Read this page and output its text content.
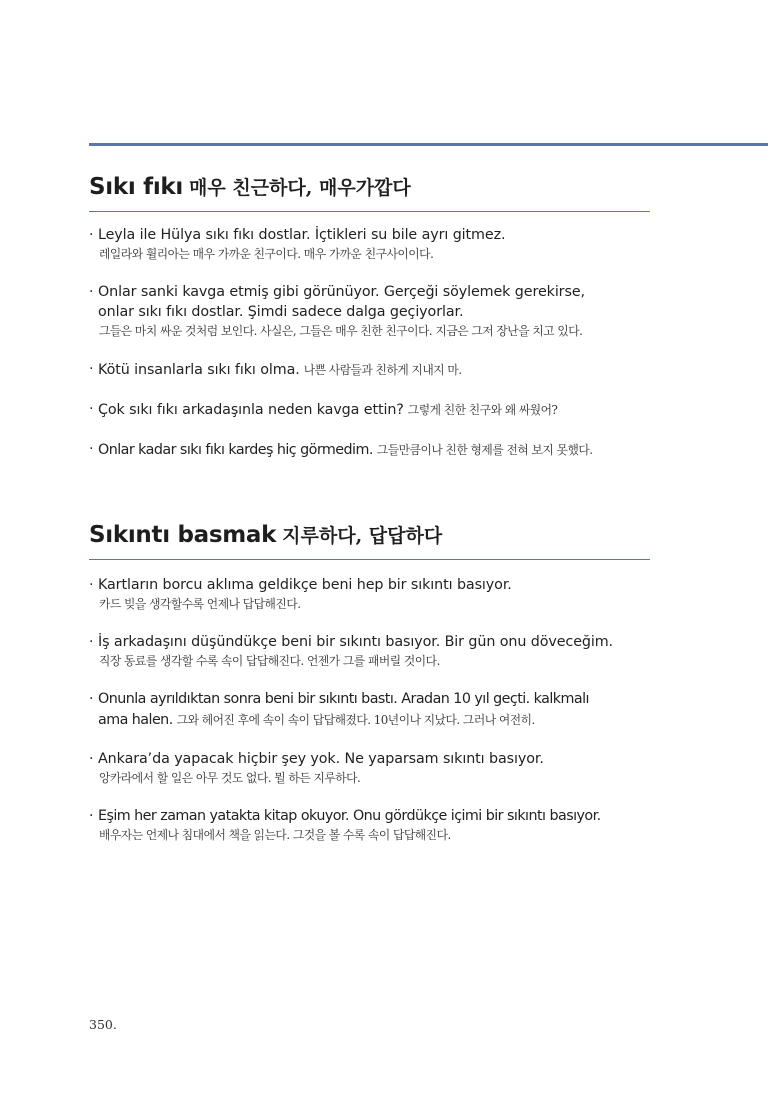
Sıkı fıkı 매우 친근하다, 매우가깝다
· Leyla ile Hülya sıkı fıkı dostlar. İçtikleri su bile ayrı gitmez.
레일라와 휠리아는 매우 가까운 친구이다. 매우 가까운 친구사이이다.
· Onlar sanki kavga etmiş gibi görünüyor. Gerçeği söylemek gerekirse,
onlar sıkı fıkı dostlar. Şimdi sadece dalga geçiyorlar.
그들은 마치 싸운 것처럼 보인다. 사실은, 그들은 매우 친한 친구이다. 지금은 그저 장난을 치고 있다.
· Kötü insanlarla sıkı fıkı olma. 나쁜 사람들과 친하게 지내지 마.
· Çok sıkı fıkı arkadaşınla neden kavga ettin? 그렇게 친한 친구와 왜 싸웠어?
· Onlar kadar sıkı fıkı kardeş hiç görmedim. 그들만큼이나 친한 형제를 전혀 보지 못했다.
Sıkıntı basmak 지루하다, 답답하다
· Kartların borcu aklıma geldikçe beni hep bir sıkıntı basıyor.
카드 빚을 생각할수록 언제나 답답해진다.
· İş arkadaşını düşündükçe beni bir sıkıntı basıyor. Bir gün onu döveceğim.
직장 동료를 생각할 수록 속이 답답해진다. 언젠가 그를 패버릴 것이다.
· Onunla ayrıldıktan sonra beni bir sıkıntı bastı. Aradan 10 yıl geçti. kalkmalı
ama halen. 그와 헤어진 후에 속이 속이 답답해졌다. 10년이나 지났다. 그러나 여전히.
· Ankara’da yapacak hiçbir şey yok. Ne yaparsam sıkıntı basıyor.
앙카라에서 할 일은 아무 것도 없다. 뭘 하든 지루하다.
· Eşim her zaman yatakta kitap okuyor. Onu gördükçe içimi bir sıkıntı basıyor.
배우자는 언제나 침대에서 책을 읽는다. 그것을 볼 수록 속이 답답해진다.
350.
